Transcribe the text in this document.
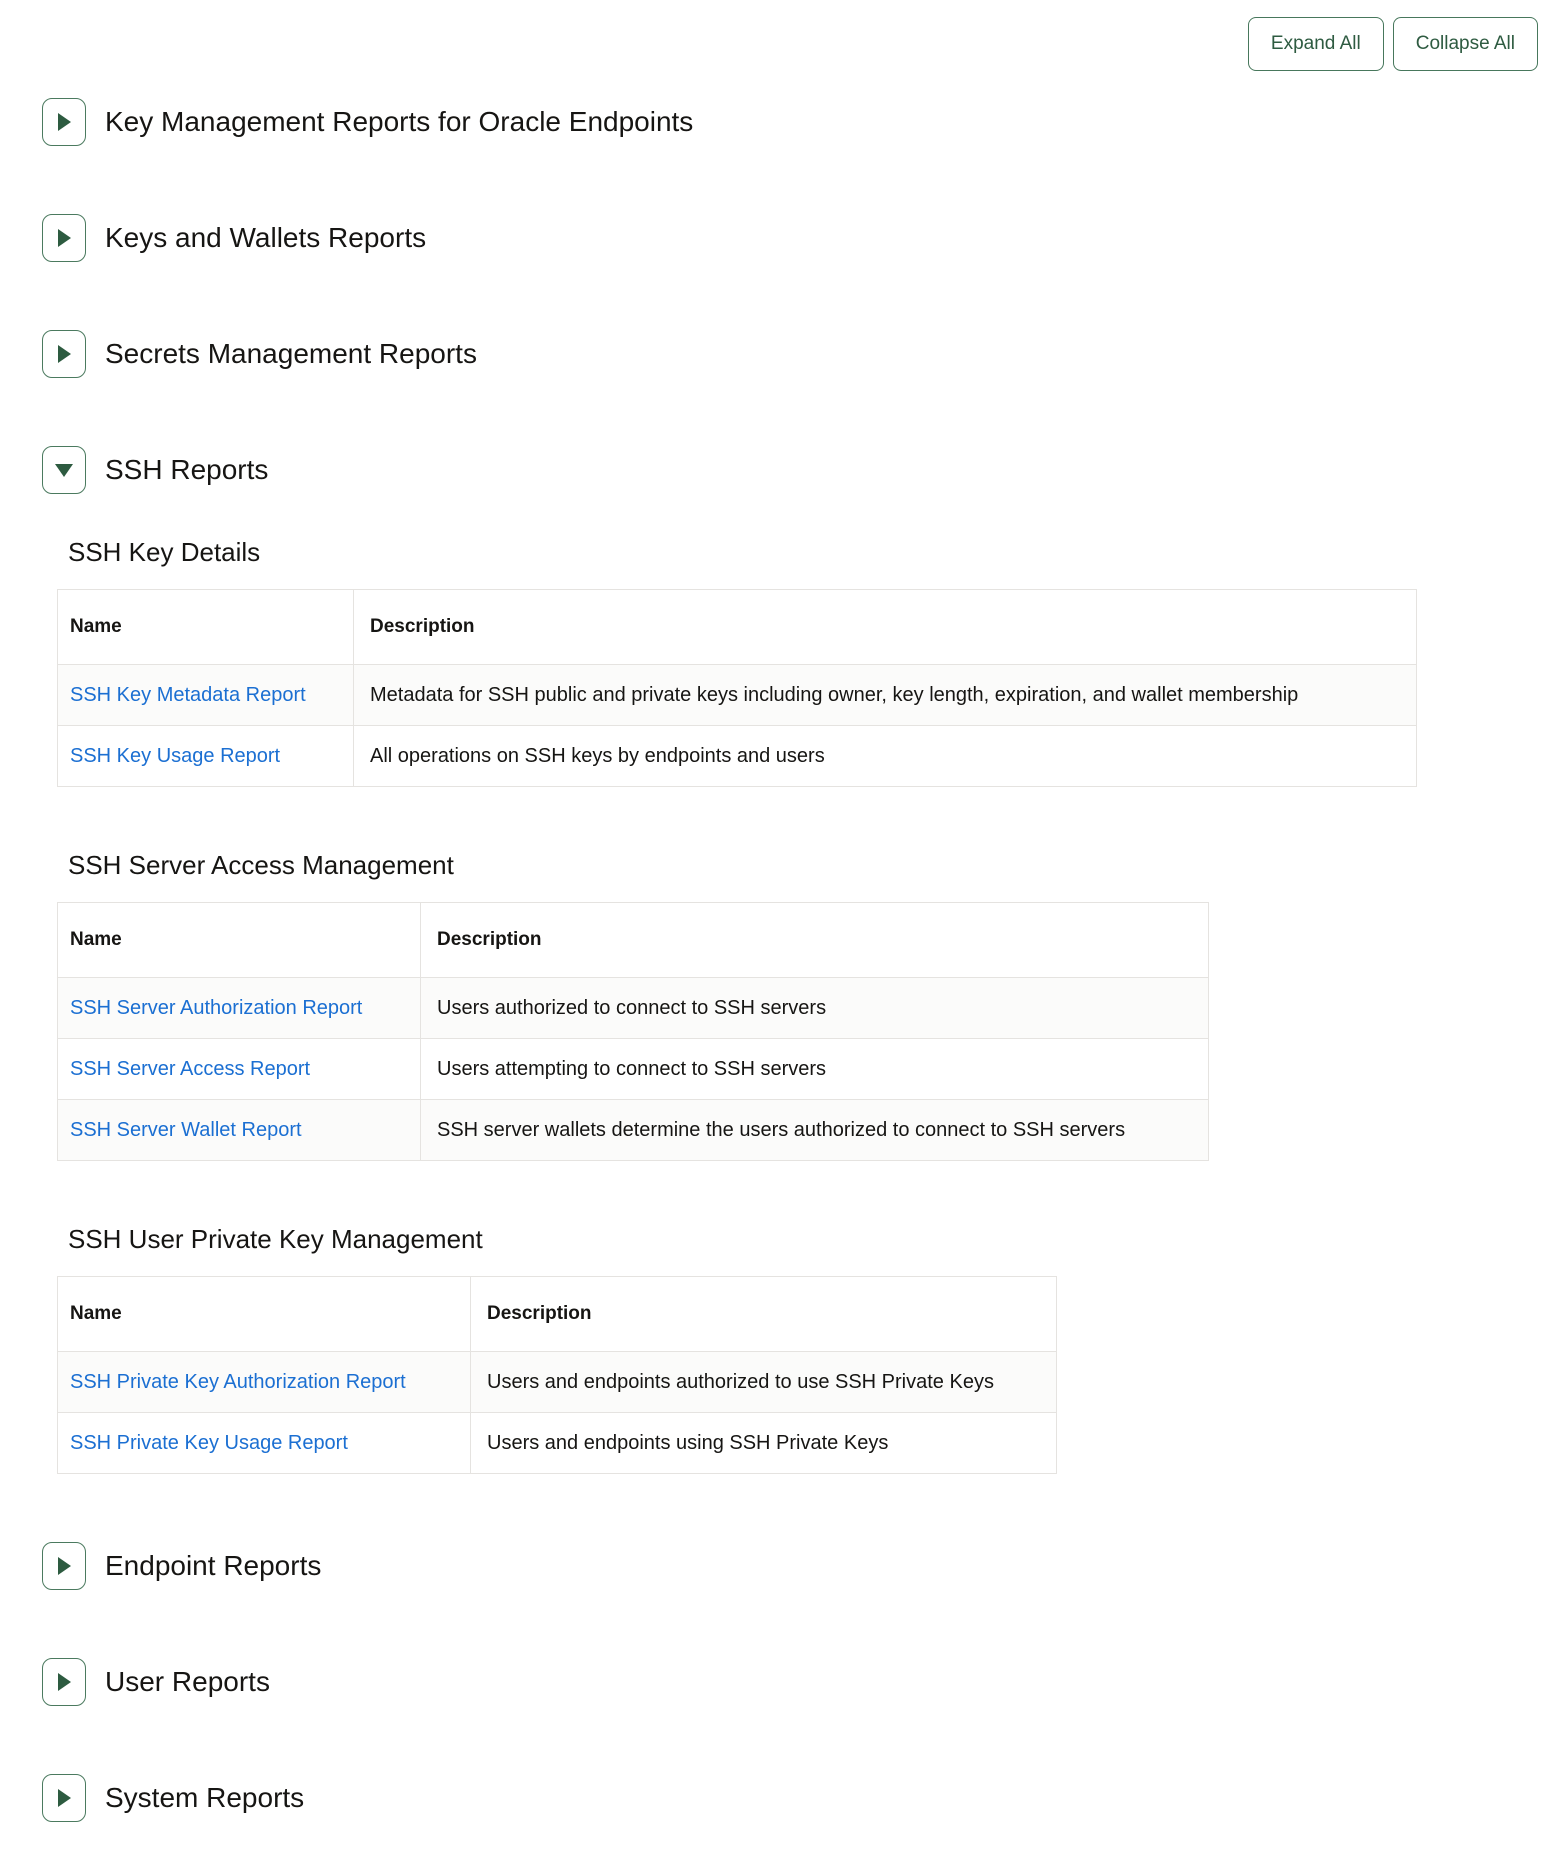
Expand All	Collapse All
Key Management Reports for Oracle Endpoints
Keys and Wallets Reports
Secrets Management Reports
SSH Reports
SSH Key Details
Name	Description
SSH Key Metadata Report	Metadata for SSH public and private keys including owner, key length, expiration, and wallet membership
SSH Key Usage Report	All operations on SSH keys by endpoints and users
SSH Server Access Management
Name	Description
SSH Server Authorization Report	Users authorized to connect to SSH servers
SSH Server Access Report	Users attempting to connect to SSH servers
SSH Server Wallet Report	SSH server wallets determine the users authorized to connect to SSH servers
SSH User Private Key Management
Name	Description
SSH Private Key Authorization Report	Users and endpoints authorized to use SSH Private Keys
SSH Private Key Usage Report	Users and endpoints using SSH Private Keys
Endpoint Reports
User Reports
System Reports
